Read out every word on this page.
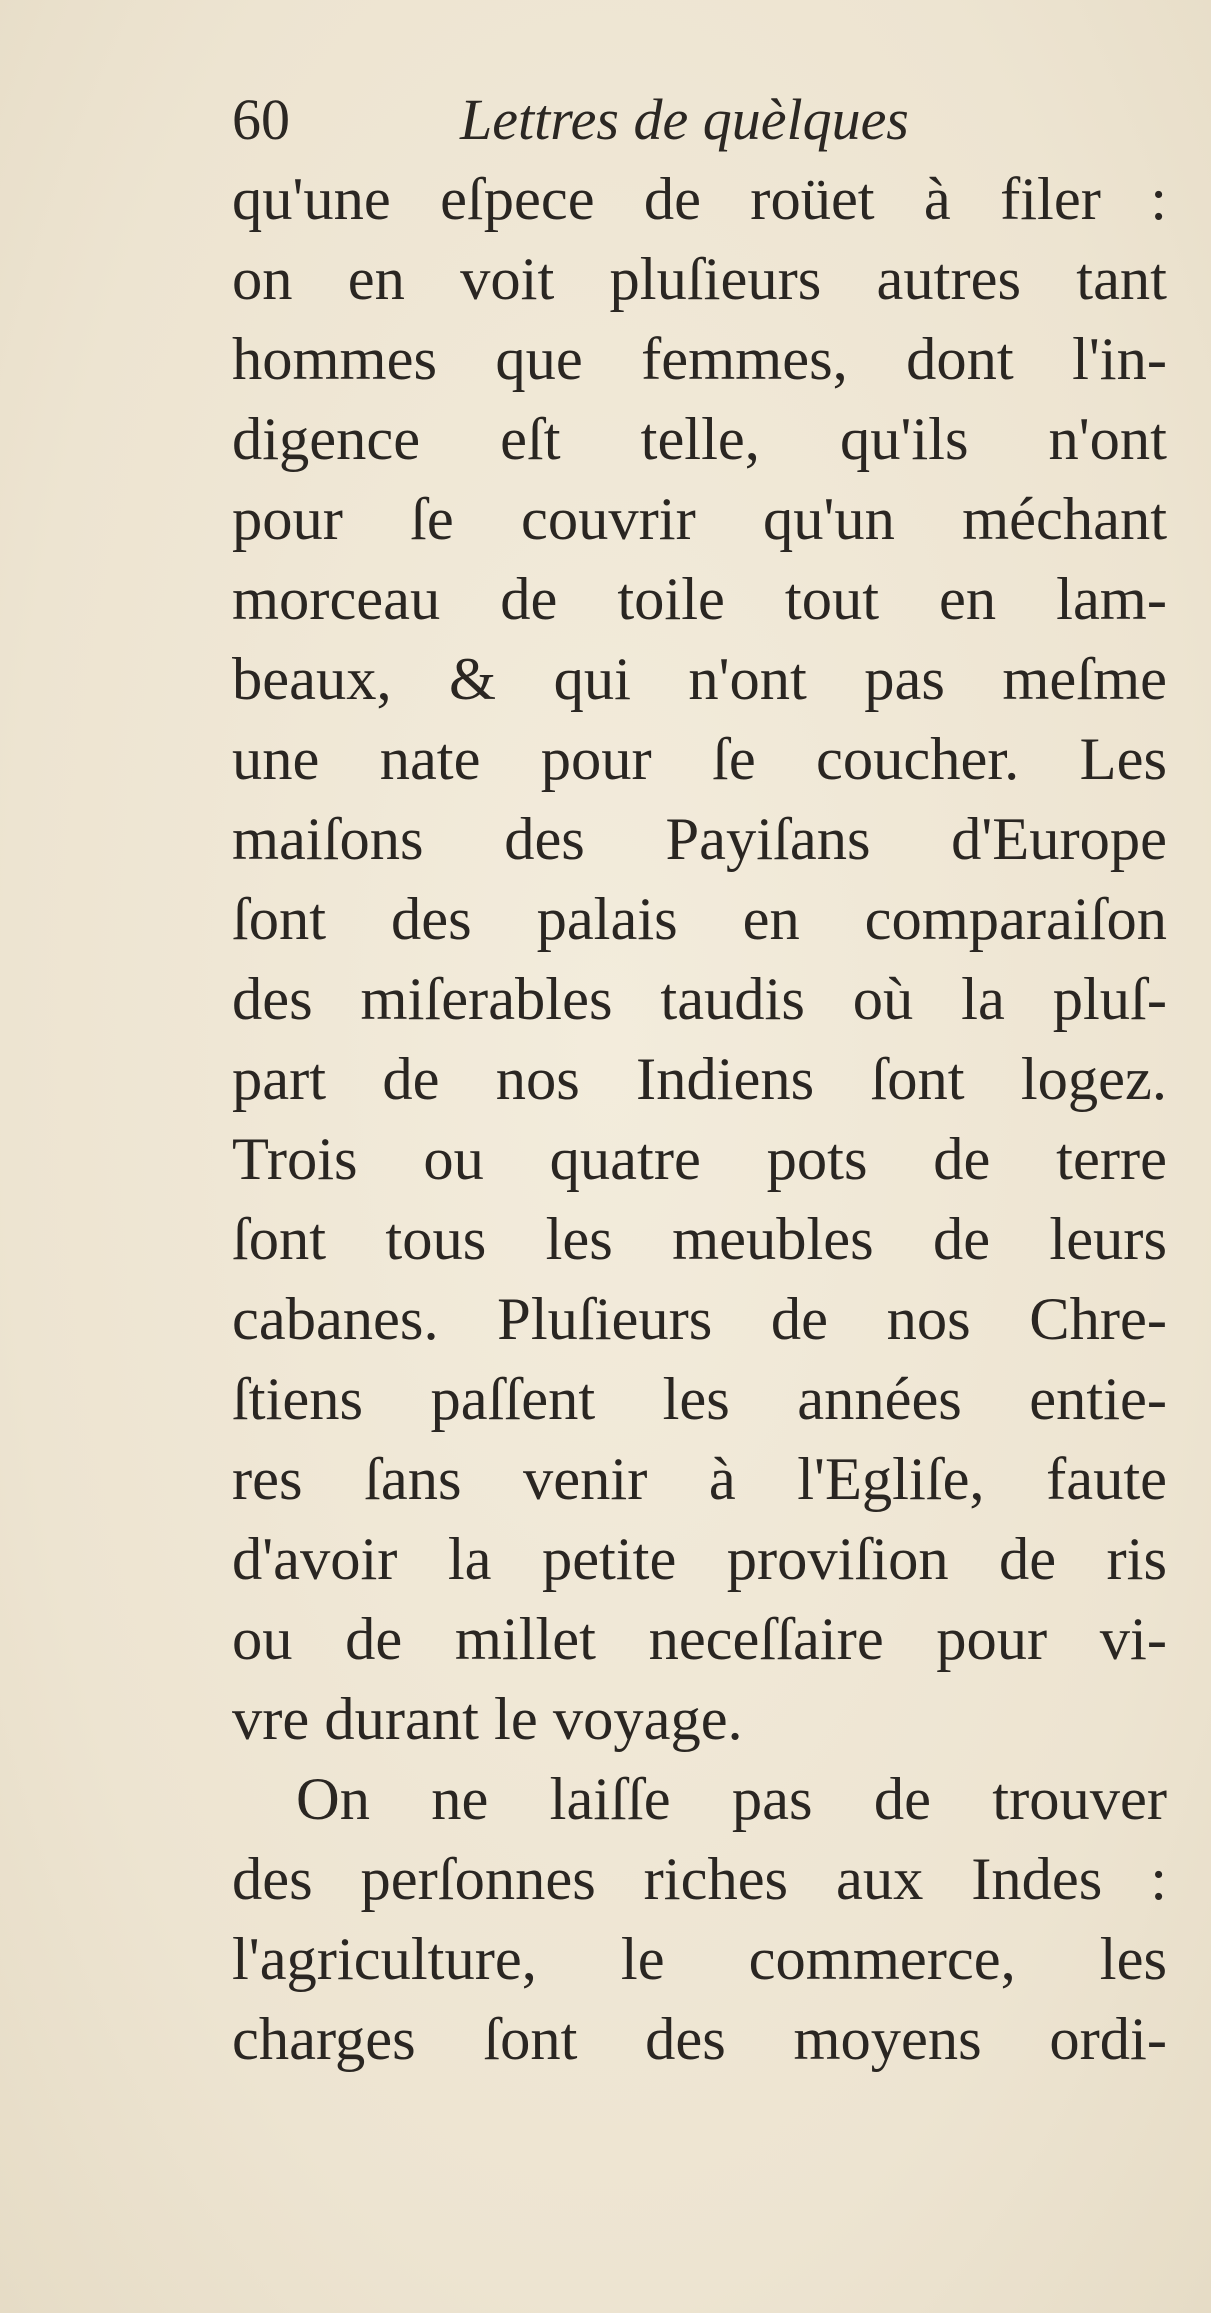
60	Lettres de quèlques
qu'une eſpece de roüet à filer :
on en voit pluſieurs autres tant
hommes que femmes, dont l'in-
digence eſt telle, qu'ils n'ont
pour ſe couvrir qu'un méchant
morceau de toile tout en lam-
beaux, & qui n'ont pas meſme
une nate pour ſe coucher. Les
maiſons des Payiſans d'Europe
ſont des palais en comparaiſon
des miſerables taudis où la pluſ-
part de nos Indiens ſont logez.
Trois ou quatre pots de terre
ſont tous les meubles de leurs
cabanes. Pluſieurs de nos Chre-
ſtiens paſſent les années entie-
res ſans venir à l'Egliſe, faute
d'avoir la petite proviſion de ris
ou de millet neceſſaire pour vi-
vre durant le voyage.
On ne laiſſe pas de trouver
des perſonnes riches aux Indes :
l'agriculture, le commerce, les
charges ſont des moyens ordi-
